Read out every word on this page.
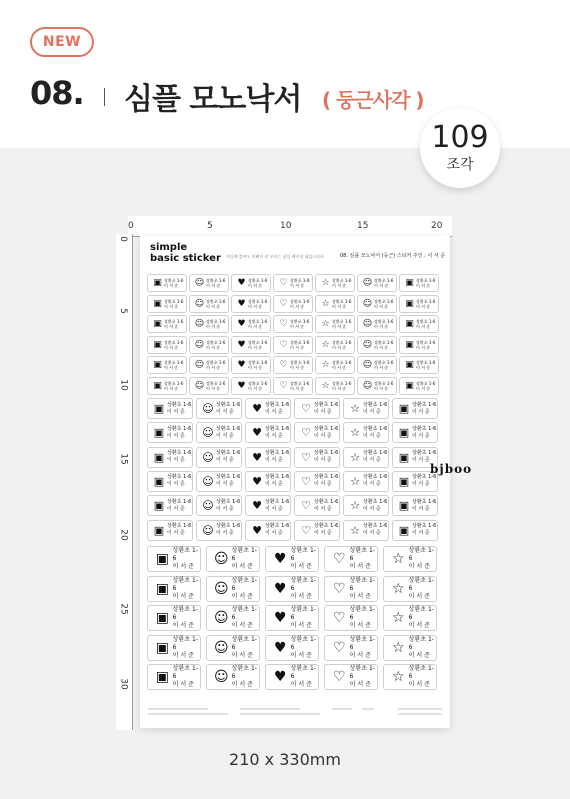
NEW
08. 심플 모노낙서 ( 둥근사각 )
109
조각
0	5	10	15	20
0
5
10
15
20
25
30
simple
basic sticker 어디에 붙여도 이뻐이 잘 보이는 심플 베이직 네임스티커	08. 심플 모노낙서 (둥근) 스티커 주인 : 이 서 준
▣ 상환초 1-6
이 서 준	☺ 상환초 1-6
이 서 준	♥ 상환초 1-6
이 서 준	♡ 상환초 1-6
이 서 준	☆ 상환초 1-6
이 서 준	☺ 상환초 1-6
이 서 준	▣ 상환초 1-6
이 서 준
▣ 상환초 1-6
이 서 준	☺ 상환초 1-6
이 서 준	♥ 상환초 1-6
이 서 준	♡ 상환초 1-6
이 서 준	☆ 상환초 1-6
이 서 준	☺ 상환초 1-6
이 서 준	▣ 상환초 1-6
이 서 준
▣ 상환초 1-6
이 서 준	☺ 상환초 1-6
이 서 준	♥ 상환초 1-6
이 서 준	♡ 상환초 1-6
이 서 준	☆ 상환초 1-6
이 서 준	☺ 상환초 1-6
이 서 준	▣ 상환초 1-6
이 서 준
▣ 상환초 1-6
이 서 준	☺ 상환초 1-6
이 서 준	♥ 상환초 1-6
이 서 준	♡ 상환초 1-6
이 서 준	☆ 상환초 1-6
이 서 준	☺ 상환초 1-6
이 서 준	▣ 상환초 1-6
이 서 준
▣ 상환초 1-6
이 서 준	☺ 상환초 1-6
이 서 준	♥ 상환초 1-6
이 서 준	♡ 상환초 1-6
이 서 준	☆ 상환초 1-6
이 서 준	☺ 상환초 1-6
이 서 준	▣ 상환초 1-6
이 서 준
▣ 상환초 1-6
이 서 준	☺ 상환초 1-6
이 서 준	♥ 상환초 1-6
이 서 준	♡ 상환초 1-6
이 서 준	☆ 상환초 1-6
이 서 준	☺ 상환초 1-6
이 서 준	▣ 상환초 1-6
이 서 준
▣ 상환초 1-6
이 서 준	☺ 상환초 1-6
이 서 준	♥ 상환초 1-6
이 서 준	♡ 상환초 1-6
이 서 준	☆ 상환초 1-6
이 서 준	▣ 상환초 1-6
이 서 준
▣ 상환초 1-6
이 서 준	☺ 상환초 1-6
이 서 준	♥ 상환초 1-6
이 서 준	♡ 상환초 1-6
이 서 준	☆ 상환초 1-6
이 서 준	▣ 상환초 1-6
이 서 준
▣ 상환초 1-6
이 서 준	☺ 상환초 1-6
이 서 준	♥ 상환초 1-6
이 서 준	♡ 상환초 1-6
이 서 준	☆ 상환초 1-6
이 서 준	▣ 상환초 1-6
이 서 준
▣ 상환초 1-6
이 서 준	☺ 상환초 1-6
이 서 준	♥ 상환초 1-6
이 서 준	♡ 상환초 1-6
이 서 준	☆ 상환초 1-6
이 서 준	▣ 상환초 1-6
이 서 준
▣ 상환초 1-6
이 서 준	☺ 상환초 1-6
이 서 준	♥ 상환초 1-6
이 서 준	♡ 상환초 1-6
이 서 준	☆ 상환초 1-6
이 서 준	▣ 상환초 1-6
이 서 준
▣ 상환초 1-6
이 서 준	☺ 상환초 1-6
이 서 준	♥ 상환초 1-6
이 서 준	♡ 상환초 1-6
이 서 준	☆ 상환초 1-6
이 서 준	▣ 상환초 1-6
이 서 준
▣
상환초 1-6
이 서 준	☺
상환초 1-6
이 서 준	♥
상환초 1-6
이 서 준	♡
상환초 1-6
이 서 준	☆
상환초 1-6
이 서 준
▣
상환초 1-6
이 서 준	☺
상환초 1-6
이 서 준	♥
상환초 1-6
이 서 준	♡
상환초 1-6
이 서 준	☆
상환초 1-6
이 서 준
▣
상환초 1-6
이 서 준	☺
상환초 1-6
이 서 준	♥
상환초 1-6
이 서 준	♡
상환초 1-6
이 서 준	☆
상환초 1-6
이 서 준
▣
상환초 1-6
이 서 준	☺
상환초 1-6
이 서 준	♥
상환초 1-6
이 서 준	♡
상환초 1-6
이 서 준	☆
상환초 1-6
이 서 준
▣
상환초 1-6
이 서 준	☺
상환초 1-6
이 서 준	♥
상환초 1-6
이 서 준	♡
상환초 1-6
이 서 준	☆
상환초 1-6
이 서 준
bjboo
210 x 330mm
